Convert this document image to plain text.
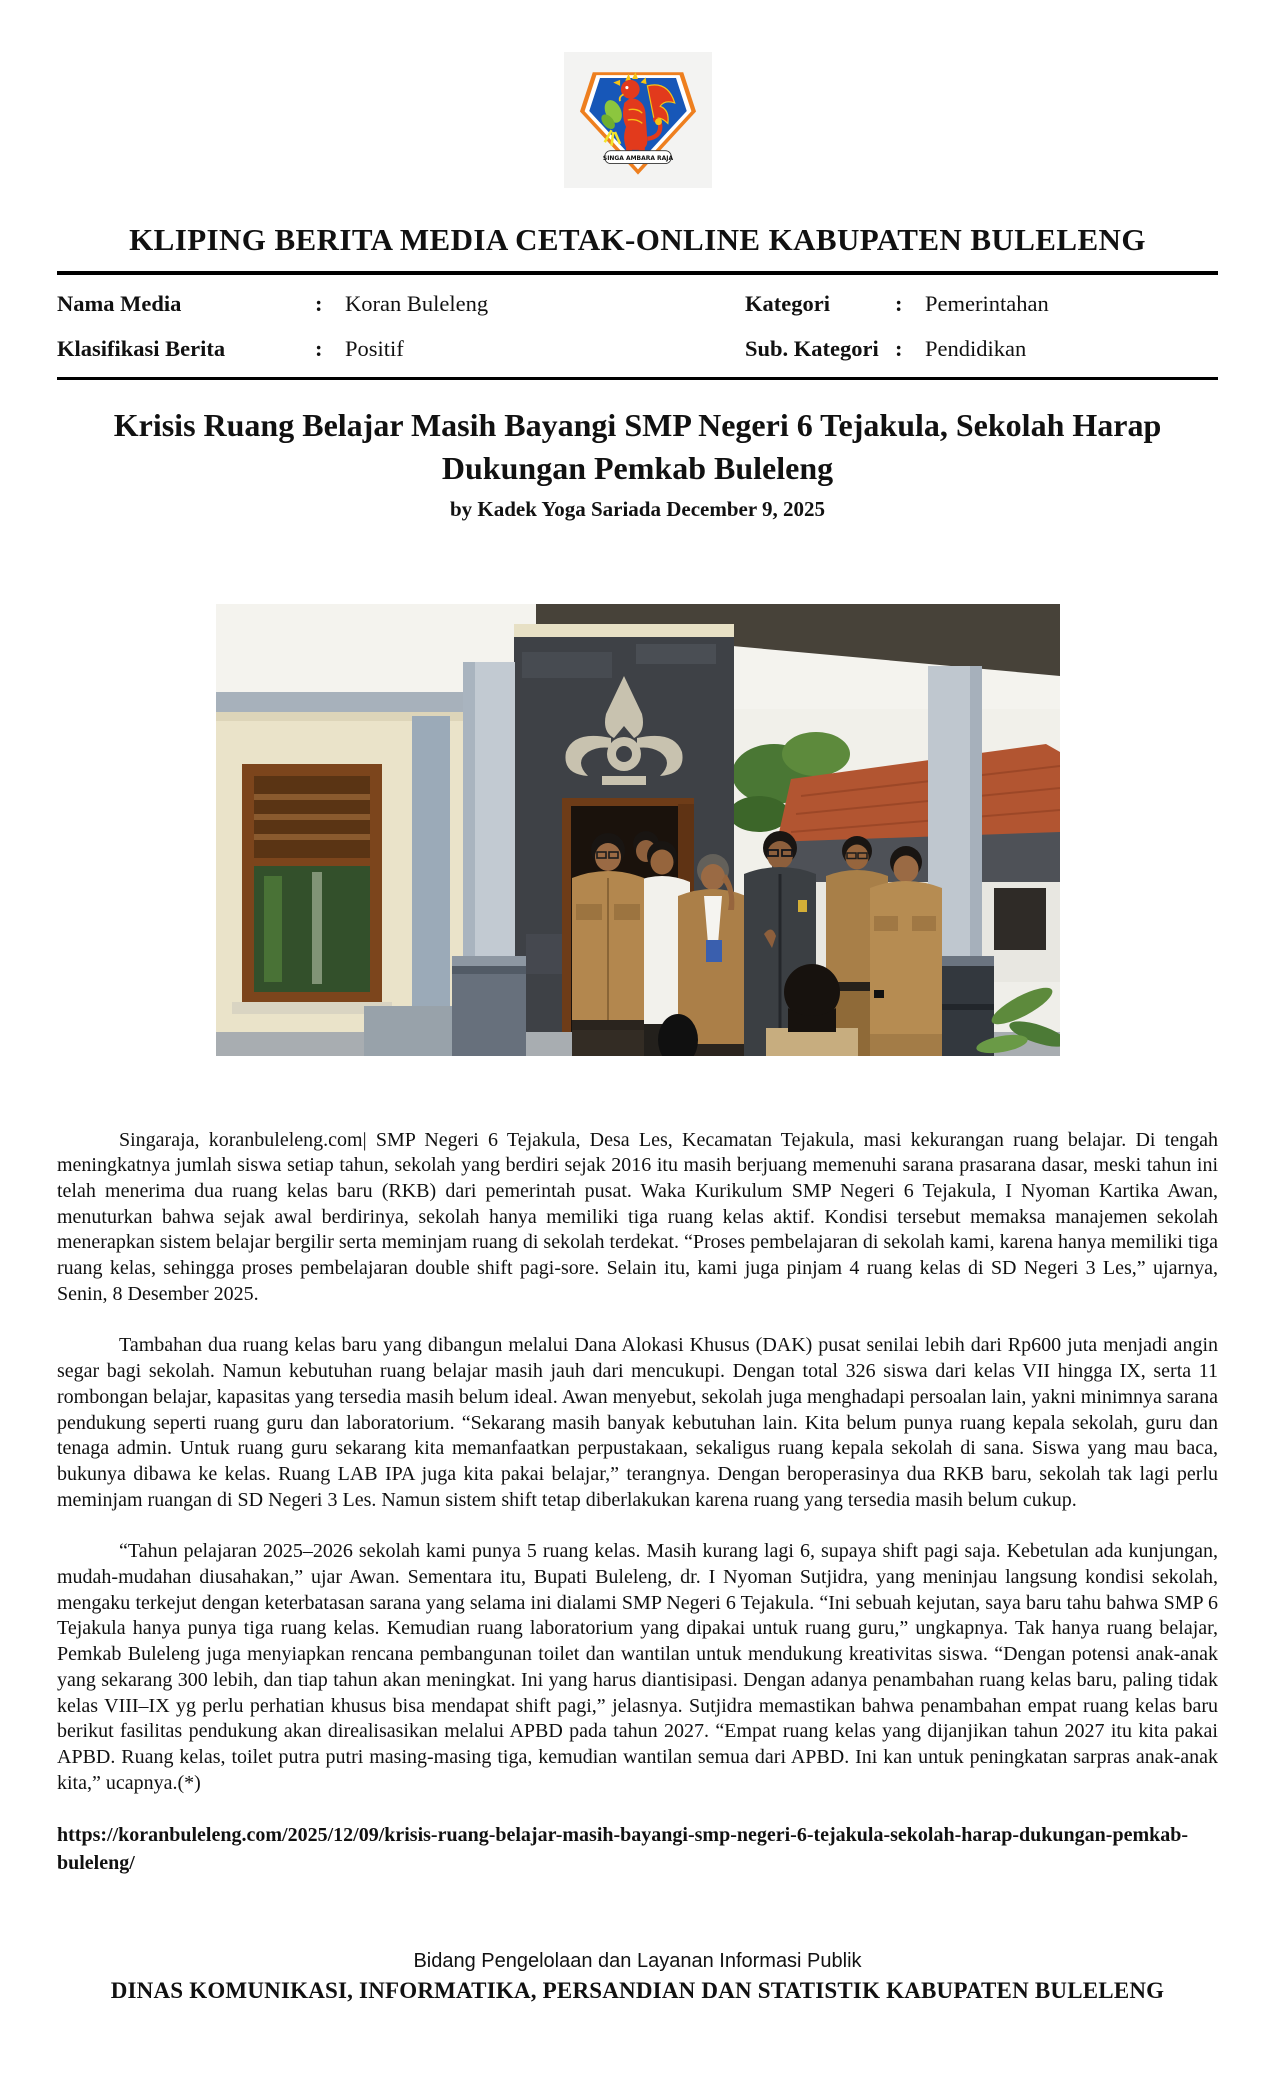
SINGA AMBARA RAJA
KLIPING BERITA MEDIA CETAK-ONLINE KABUPATEN BULELENG
Nama Media	:	Koran Buleleng	Kategori	:	Pemerintahan
Klasifikasi Berita	:	Positif	Sub. Kategori :	Pendidikan
Krisis Ruang Belajar Masih Bayangi SMP Negeri 6 Tejakula, Sekolah Harap Dukungan Pemkab Buleleng
by Kadek Yoga Sariada December 9, 2025

Singaraja, koranbuleleng.com| SMP Negeri 6 Tejakula, Desa Les, Kecamatan Tejakula, masi kekurangan ruang belajar. Di tengah meningkatnya jumlah siswa setiap tahun, sekolah yang berdiri sejak 2016 itu masih berjuang memenuhi sarana prasarana dasar, meski tahun ini telah menerima dua ruang kelas baru (RKB) dari pemerintah pusat. Waka Kurikulum SMP Negeri 6 Tejakula, I Nyoman Kartika Awan, menuturkan bahwa sejak awal berdirinya, sekolah hanya memiliki tiga ruang kelas aktif. Kondisi tersebut memaksa manajemen sekolah menerapkan sistem belajar bergilir serta meminjam ruang di sekolah terdekat. “Proses pembelajaran di sekolah kami, karena hanya memiliki tiga ruang kelas, sehingga proses pembelajaran double shift pagi-sore. Selain itu, kami juga pinjam 4 ruang kelas di SD Negeri 3 Les,” ujarnya, Senin, 8 Desember 2025.

Tambahan dua ruang kelas baru yang dibangun melalui Dana Alokasi Khusus (DAK) pusat senilai lebih dari Rp600 juta menjadi angin segar bagi sekolah. Namun kebutuhan ruang belajar masih jauh dari mencukupi. Dengan total 326 siswa dari kelas VII hingga IX, serta 11 rombongan belajar, kapasitas yang tersedia masih belum ideal. Awan menyebut, sekolah juga menghadapi persoalan lain, yakni minimnya sarana pendukung seperti ruang guru dan laboratorium. “Sekarang masih banyak kebutuhan lain. Kita belum punya ruang kepala sekolah, guru dan tenaga admin. Untuk ruang guru sekarang kita memanfaatkan perpustakaan, sekaligus ruang kepala sekolah di sana. Siswa yang mau baca, bukunya dibawa ke kelas. Ruang LAB IPA juga kita pakai belajar,” terangnya. Dengan beroperasinya dua RKB baru, sekolah tak lagi perlu meminjam ruangan di SD Negeri 3 Les. Namun sistem shift tetap diberlakukan karena ruang yang tersedia masih belum cukup.

“Tahun pelajaran 2025–2026 sekolah kami punya 5 ruang kelas. Masih kurang lagi 6, supaya shift pagi saja. Kebetulan ada kunjungan, mudah-mudahan diusahakan,” ujar Awan. Sementara itu, Bupati Buleleng, dr. I Nyoman Sutjidra, yang meninjau langsung kondisi sekolah, mengaku terkejut dengan keterbatasan sarana yang selama ini dialami SMP Negeri 6 Tejakula. “Ini sebuah kejutan, saya baru tahu bahwa SMP 6 Tejakula hanya punya tiga ruang kelas. Kemudian ruang laboratorium yang dipakai untuk ruang guru,” ungkapnya. Tak hanya ruang belajar, Pemkab Buleleng juga menyiapkan rencana pembangunan toilet dan wantilan untuk mendukung kreativitas siswa. “Dengan potensi anak-anak yang sekarang 300 lebih, dan tiap tahun akan meningkat. Ini yang harus diantisipasi. Dengan adanya penambahan ruang kelas baru, paling tidak kelas VIII–IX yg perlu perhatian khusus bisa mendapat shift pagi,” jelasnya. Sutjidra memastikan bahwa penambahan empat ruang kelas baru berikut fasilitas pendukung akan direalisasikan melalui APBD pada tahun 2027. “Empat ruang kelas yang dijanjikan tahun 2027 itu kita pakai APBD. Ruang kelas, toilet putra putri masing-masing tiga, kemudian wantilan semua dari APBD. Ini kan untuk peningkatan sarpras anak-anak kita,” ucapnya.(*)

https://koranbuleleng.com/2025/12/09/krisis-ruang-belajar-masih-bayangi-smp-negeri-6-tejakula-sekolah-harap-dukungan-pemkab-buleleng/
Bidang Pengelolaan dan Layanan Informasi Publik
DINAS KOMUNIKASI, INFORMATIKA, PERSANDIAN DAN STATISTIK KABUPATEN BULELENG
